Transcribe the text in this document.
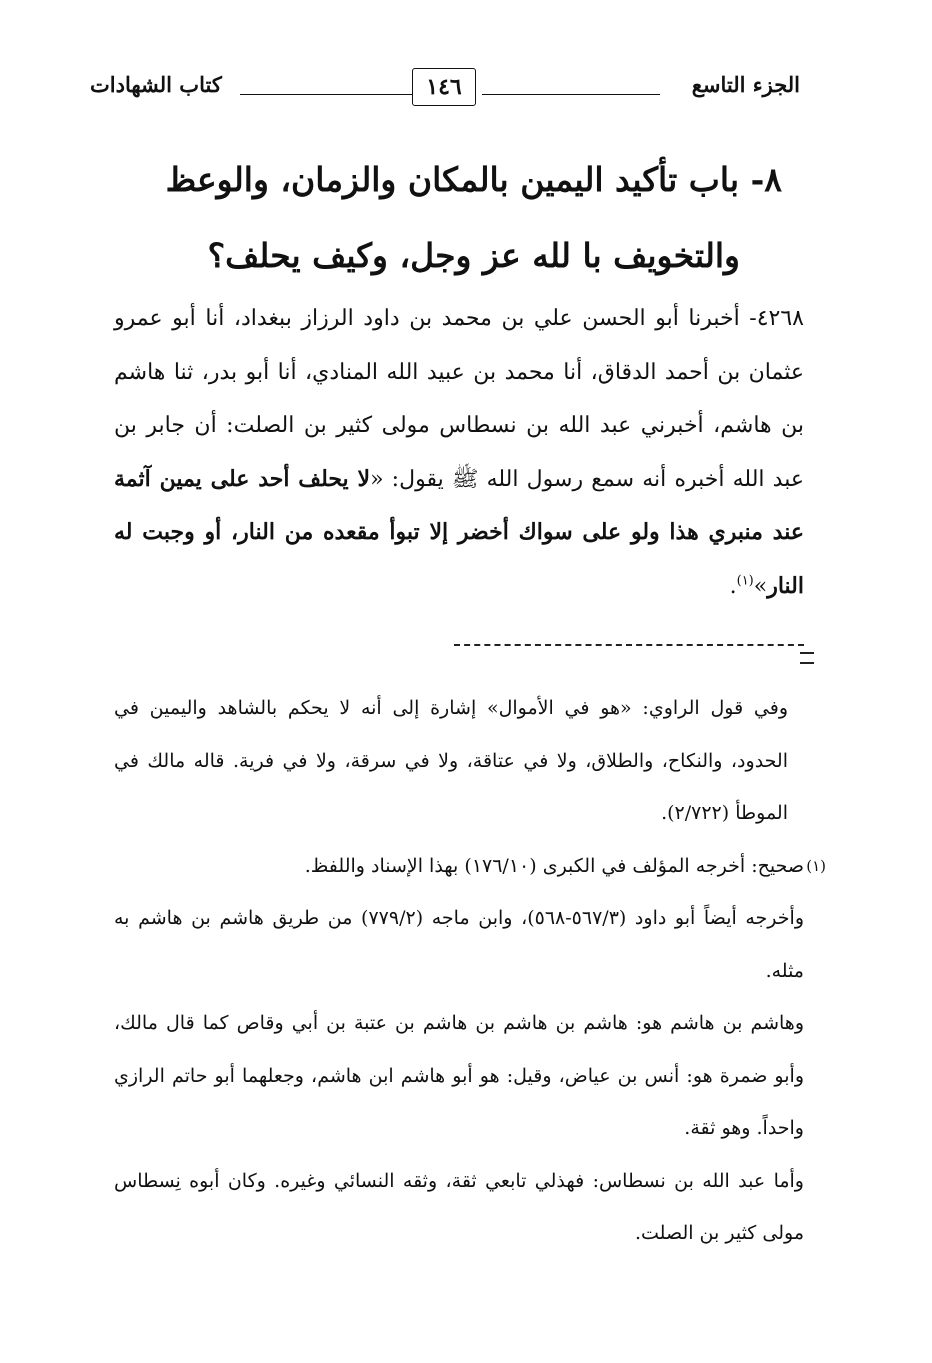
الجزء التاسع
١٤٦
كتاب الشهادات
٨- باب تأكيد اليمين بالمكان والزمان، والوعظ
والتخويف با لله عز وجل، وكيف يحلف؟

٤٢٦٨- أخبرنا أبو الحسن علي بن محمد بن داود الرزاز ببغداد، أنا أبو عمرو عثمان بن أحمد الدقاق، أنا محمد بن عبيد الله المنادي، أنا أبو بدر، ثنا هاشم بن هاشم، أخبرني عبد الله بن نسطاس مولى كثير بن الصلت: أن جابر بن عبد الله أخبره أنه سمع رسول الله ﷺ يقول: «لا يحلف أحد على يمين آثمة عند منبري هذا ولو على سواك أخضر إلا تبوأ مقعده من النار، أو وجبت له النار»$^{(١)}$.

وفي قول الراوي: «هو في الأموال» إشارة إلى أنه لا يحكم بالشاهد واليمين في الحدود، والنكاح، والطلاق، ولا في عتاقة، ولا في سرقة، ولا في فرية. قاله مالك في الموطأ (٢/٧٢٢).

(١)
صحيح: أخرجه المؤلف في الكبرى (١٧٦/١٠) بهذا الإسناد واللفظ.

وأخرجه أيضاً أبو داود (٥٦٧/٣-٥٦٨)، وابن ماجه (٧٧٩/٢) من طريق هاشم بن هاشم به مثله.

وهاشم بن هاشم هو: هاشم بن هاشم بن هاشم بن عتبة بن أبي وقاص كما قال مالك، وأبو ضمرة هو: أنس بن عياض، وقيل: هو أبو هاشم ابن هاشم، وجعلهما أبو حاتم الرازي واحداً. وهو ثقة.

وأما عبد الله بن نسطاس: فهذلي تابعي ثقة، وثقه النسائي وغيره. وكان أبوه نِسطاس مولى كثير بن الصلت.
